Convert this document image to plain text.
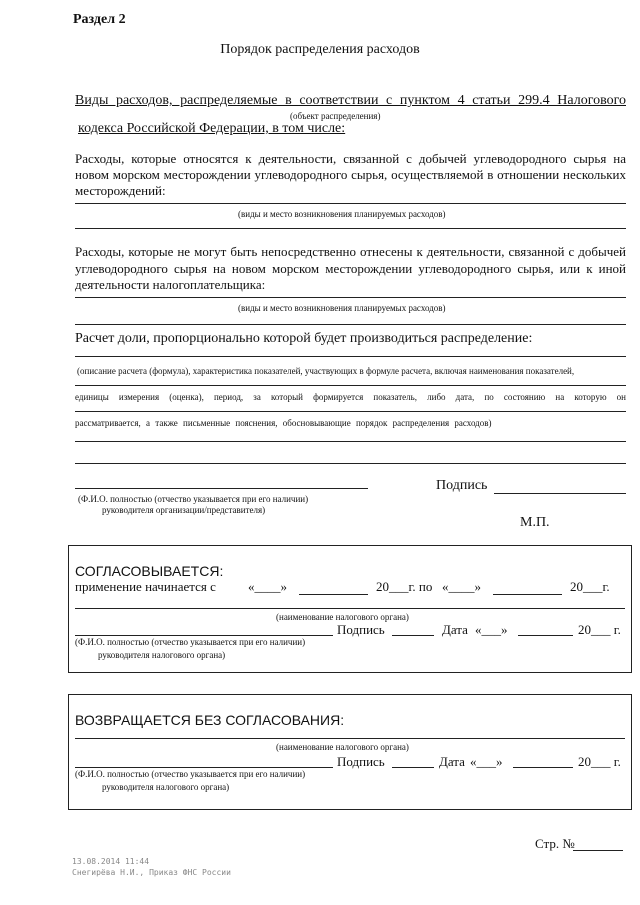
Раздел 2
Порядок распределения расходов
Виды расходов, распределяемые в соответствии с пунктом 4 статьи 299.4 Налогового
(объект распределения)
кодекса Российской Федерации, в том числе:
Расходы, которые относятся к деятельности, связанной с добычей углеводородного сырья на
новом морском месторождении углеводородного сырья, осуществляемой в отношении нескольких
месторождений:
(виды и место возникновения планируемых расходов)
Расходы, которые не могут быть непосредственно отнесены к деятельности, связанной с добычей
углеводородного сырья на новом морском месторождении углеводородного сырья, или к иной
деятельности налогоплательщика:
(виды и место возникновения планируемых расходов)
Расчет доли, пропорционально которой будет производиться распределение:
(описание расчета (формула), характеристика показателей, участвующих в формуле расчета, включая наименования показателей,
единицы измерения (оценка), период, за который формируется показатель, либо дата, по состоянию на которую он
рассматривается, а также письменные пояснения, обосновывающие порядок распределения расходов)
Подпись
(Ф.И.О. полностью (отчество указывается при его наличии)
руководителя организации/представителя)
М.П.
СОГЛАСОВЫВАЕТСЯ:
применение начинается с «____»	20___г. по «____»	20___г.
(наименование налогового органа)
Подпись	Дата «___»	20___ г.
(Ф.И.О. полностью (отчество указывается при его наличии)
руководителя налогового органа)
ВОЗВРАЩАЕТСЯ БЕЗ СОГЛАСОВАНИЯ:
(наименование налогового органа)
Подпись	Дата «___»	20___ г.
(Ф.И.О. полностью (отчество указывается при его наличии)
руководителя налогового органа)
Стр. №
13.08.2014 11:44
Снегирёва Н.И., Приказ ФНС России
